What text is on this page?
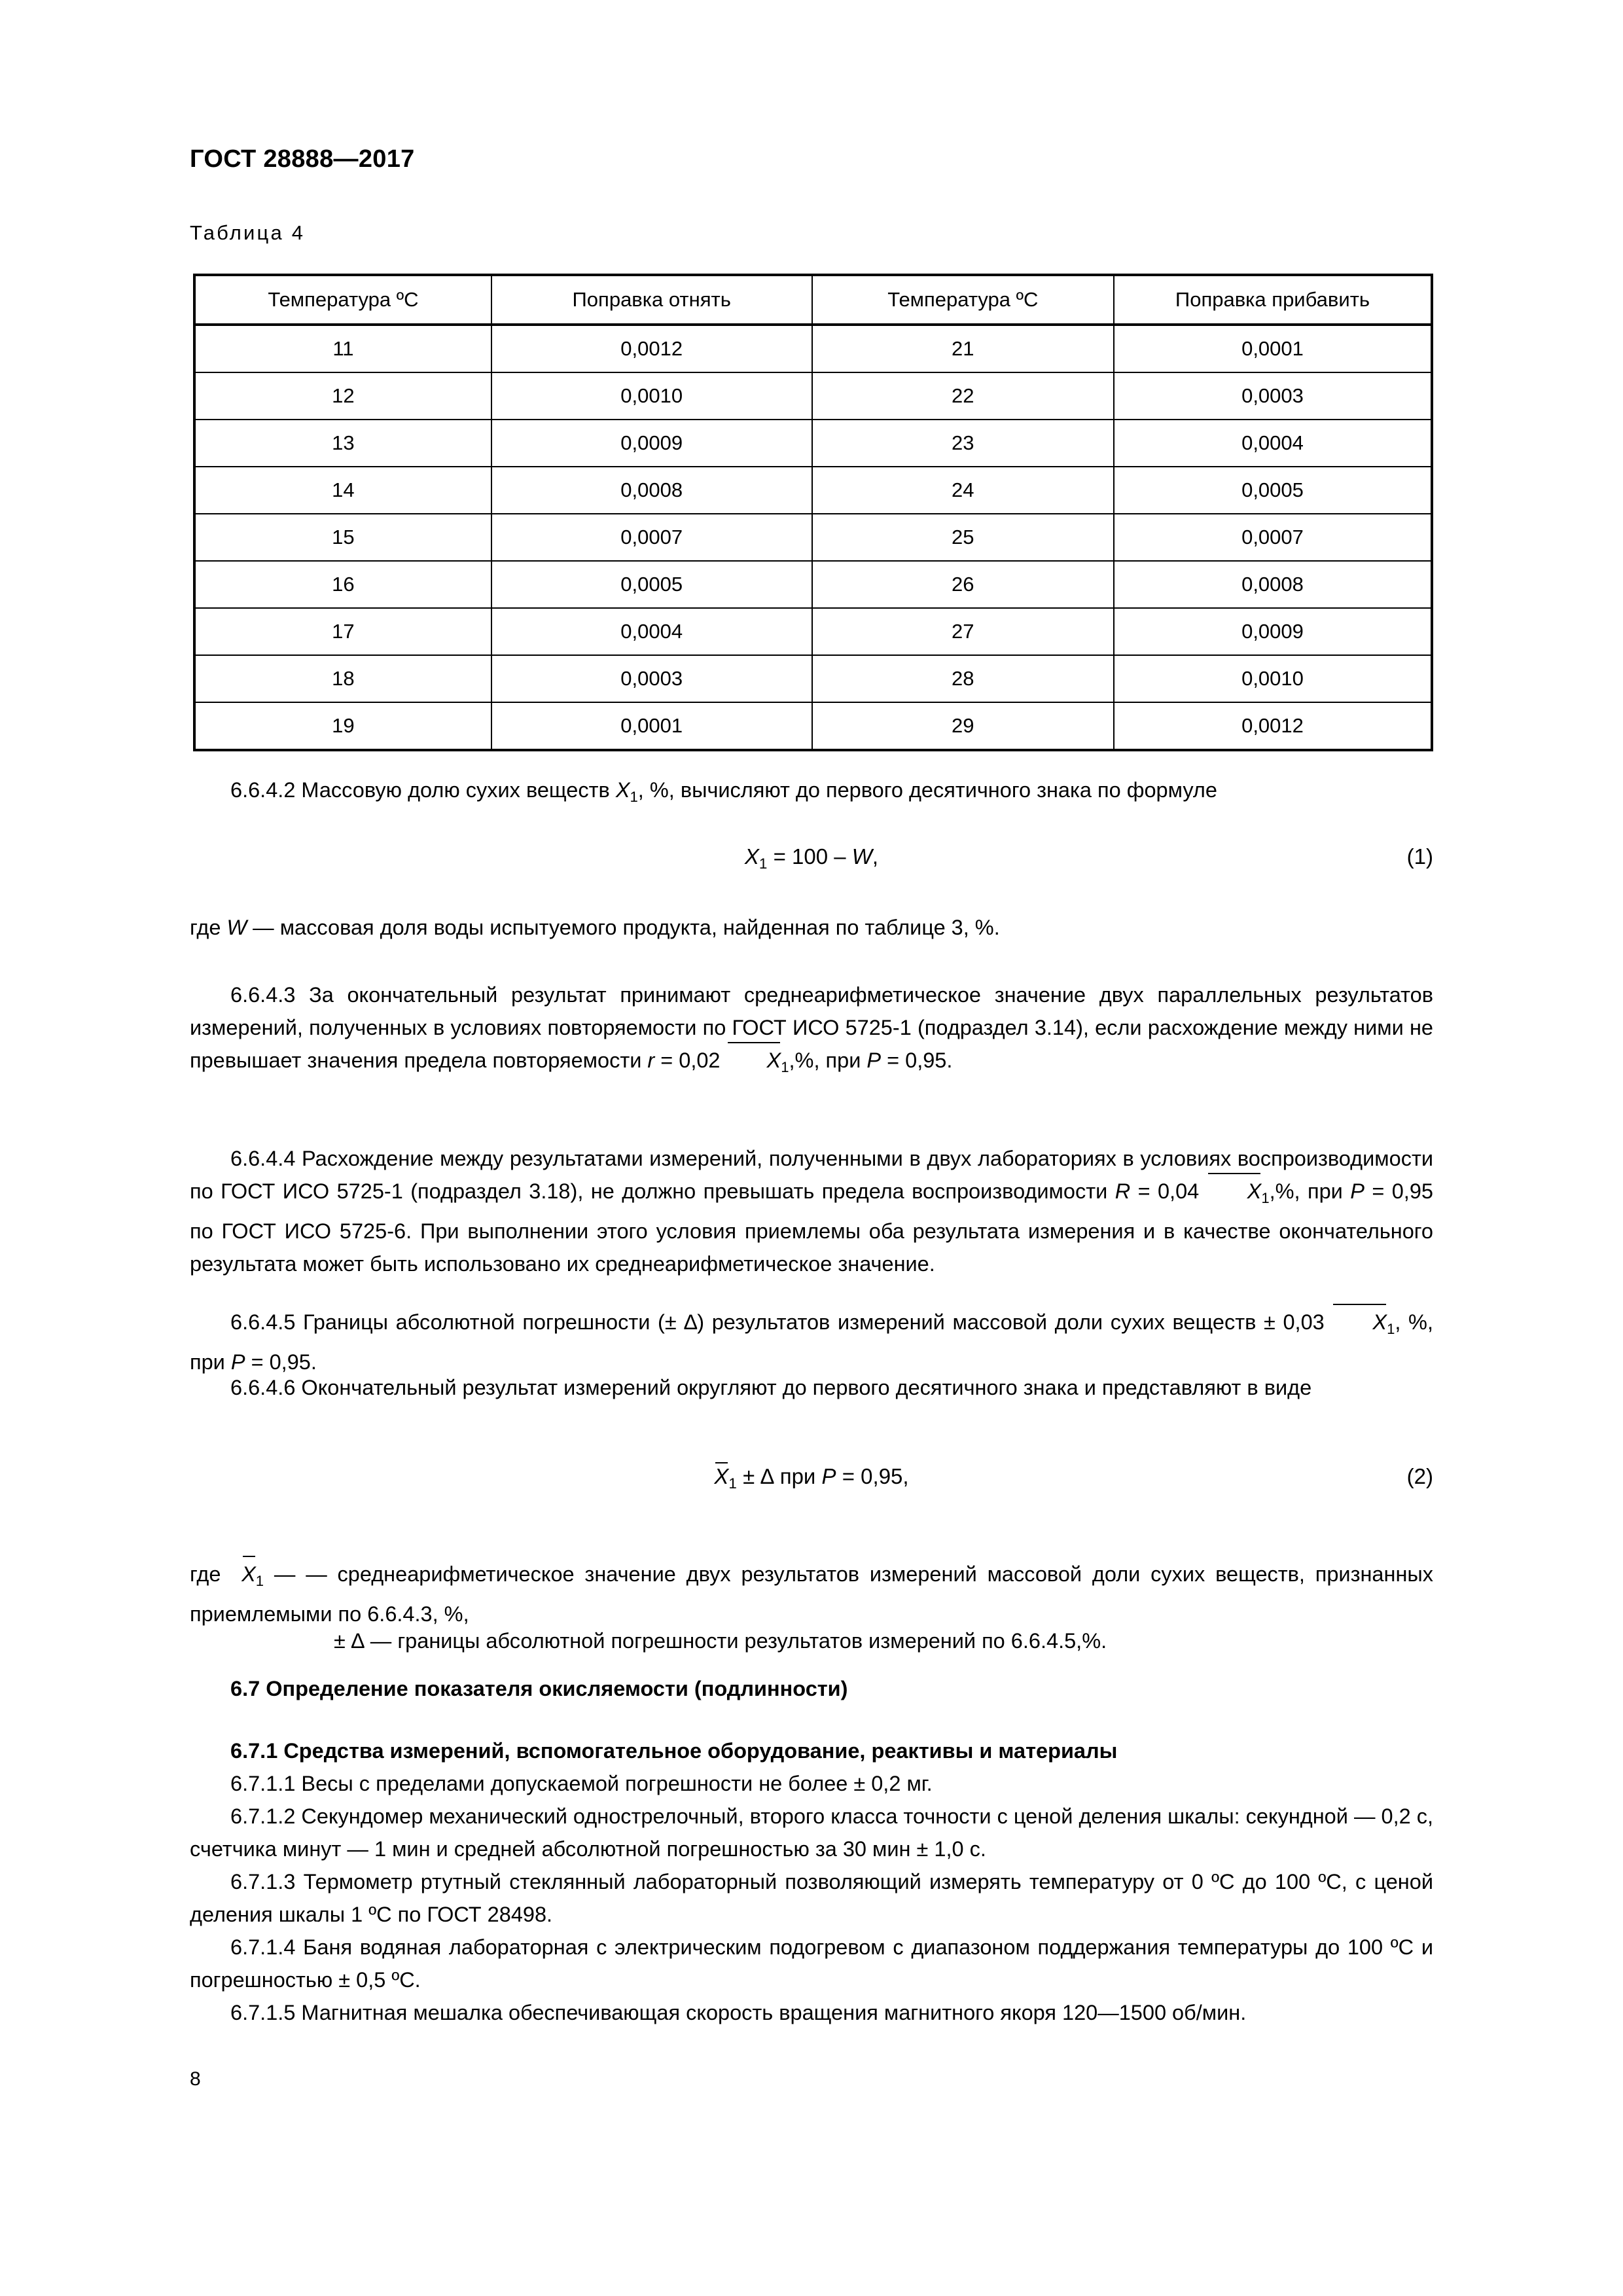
ГОСТ 28888—2017
Таблица 4
Температура ºC	Поправка отнять	Температура ºC	Поправка прибавить
11	0,0012	21	0,0001
12	0,0010	22	0,0003
13	0,0009	23	0,0004
14	0,0008	24	0,0005
15	0,0007	25	0,0007
16	0,0005	26	0,0008
17	0,0004	27	0,0009
18	0,0003	28	0,0010
19	0,0001	29	0,0012
6.6.4.2 Массовую долю сухих веществ $X_1$, %, вычисляют до первого десятичного знака по формуле
$X_1 = 100 - W$,	(1)
где W — массовая доля воды испытуемого продукта, найденная по таблице 3, %.
6.6.4.3 За окончательный результат принимают среднеарифметическое значение двух параллельных результатов измерений, полученных в условиях повторяемости по ГОСТ ИСО 5725-1 (подраздел 3.14), если расхождение между ними не превышает значения предела повторяемости r = 0,02 $X_1,\%$, при P = 0,95.
6.6.4.4 Расхождение между результатами измерений, полученными в двух лабораториях в условиях воспроизводимости по ГОСТ ИСО 5725-1 (подраздел 3.18), не должно превышать предела воспроизводимости R = 0,04 $X_1,\%$, при P = 0,95 по ГОСТ ИСО 5725-6. При выполнении этого условия приемлемы оба результата измерения и в качестве окончательного результата может быть использовано их среднеарифметическое значение.
6.6.4.5 Границы абсолютной погрешности (± ∆) результатов измерений массовой доли сухих веществ ± 0,03 $X_1$, %, при P = 0,95.
6.6.4.6 Окончательный результат измерений округляют до первого десятичного знака и представляют в виде
$X_1$ ± ∆ при P = 0,95,	(2)
где $X_1$ — — среднеарифметическое значение двух результатов измерений массовой доли сухих веществ, признанных приемлемыми по 6.6.4.3, %,
± ∆ — границы абсолютной погрешности результатов измерений по 6.6.4.5,%.
6.7 Определение показателя окисляемости (подлинности)
6.7.1 Средства измерений, вспомогательное оборудование, реактивы и материалы
6.7.1.1 Весы с пределами допускаемой погрешности не более ± 0,2 мг.
6.7.1.2 Секундомер механический однострелочный, второго класса точности с ценой деления шкалы: секундной — 0,2 с, счетчика минут — 1 мин и средней абсолютной погрешностью за 30 мин ± 1,0 с.
6.7.1.3 Термометр ртутный стеклянный лабораторный позволяющий измерять температуру от 0 ºC до 100 ºC, с ценой деления шкалы 1 ºC по ГОСТ 28498.
6.7.1.4 Баня водяная лабораторная с электрическим подогревом с диапазоном поддержания температуры до 100 ºC и погрешностью ± 0,5 ºC.
6.7.1.5 Магнитная мешалка обеспечивающая скорость вращения магнитного якоря 120—1500 об/мин.
8
